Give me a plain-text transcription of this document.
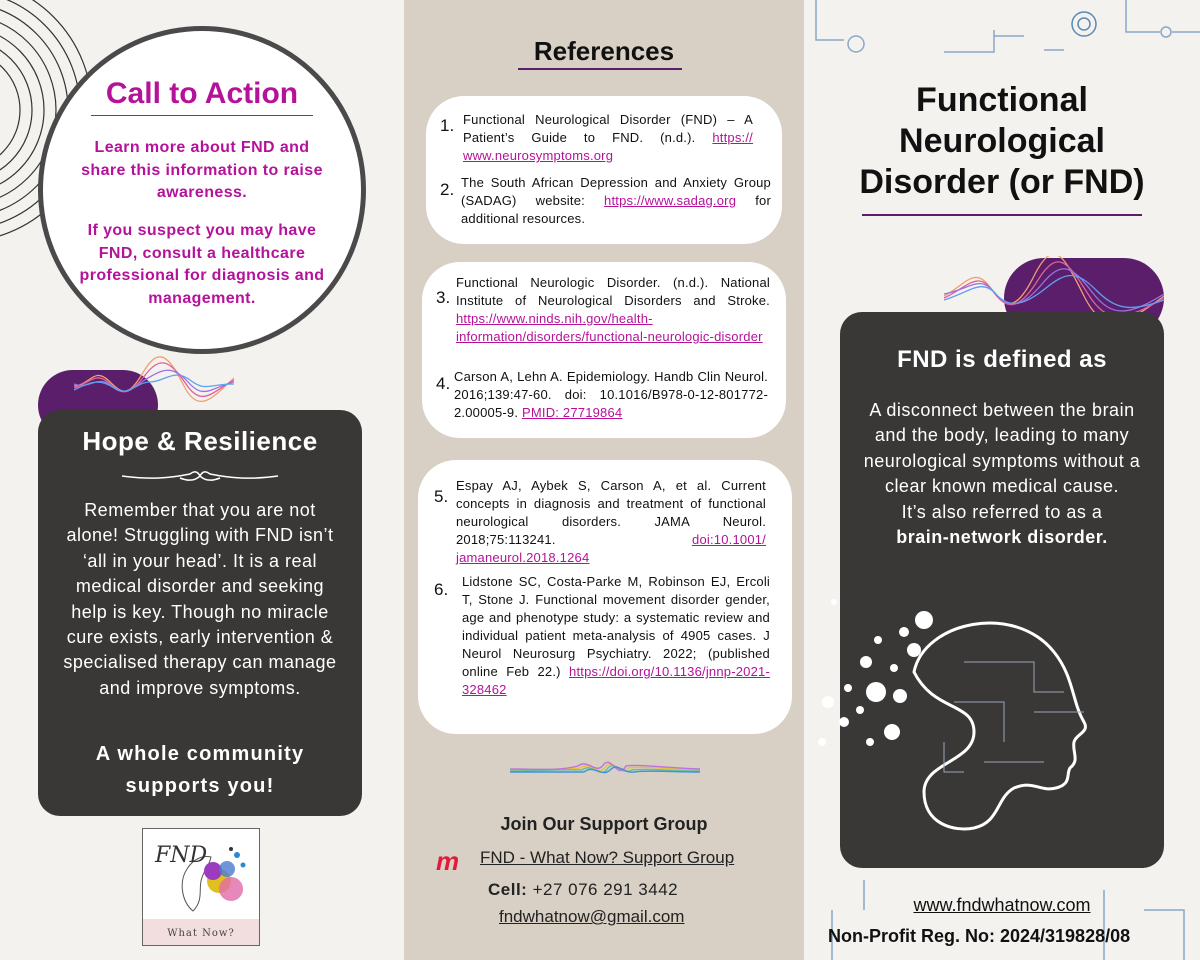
Call to Action
Learn more about FND and share this information to raise awareness.
If you suspect you may have FND, consult a healthcare professional for diagnosis and management.
Hope & Resilience
Remember that you are not alone! Struggling with FND isn’t ‘all in your head’. It is a real medical disorder and seeking help is key. Though no miracle cure exists, early intervention & specialised therapy can manage and improve symptoms.
A whole community supports you!
FND
What Now?
References
1. Functional Neurological Disorder (FND) – A Patient’s Guide to FND. (n.d.). https:// www.neurosymptoms.org
2. The South African Depression and Anxiety Group (SADAG) website: https://www.sadag.org for additional resources.
3.
Functional Neurologic Disorder. (n.d.). National Institute of Neurological Disorders and Stroke. https://www.ninds.nih.gov/health-information/disorders/functional-neurologic-disorder
4. Carson A, Lehn A. Epidemiology. Handb Clin Neurol. 2016;139:47-60. doi: 10.1016/B978-0-12-801772-2.00005-9. PMID: 27719864
5.
Espay AJ, Aybek S, Carson A, et al. Current concepts in diagnosis and treatment of functional neurological disorders. JAMA Neurol. 2018;75:113241. doi:10.1001/ jamaneurol.2018.1264
6. Lidstone SC, Costa-Parke M, Robinson EJ, Ercoli T, Stone J. Functional movement disorder gender, age and phenotype study: a systematic review and individual patient meta-analysis of 4905 cases. J Neurol Neurosurg Psychiatry. 2022; (published online Feb 22.) https://doi.org/10.1136/jnnp-2021-328462
Join Our Support Group
m FND - What Now? Support Group
Cell: +27 076 291 3442
fndwhatnow@gmail.com
Functional
Neurological
Disorder (or FND)
FND is defined as
A disconnect between the brain and the body, leading to many neurological symptoms without a clear known medical cause.
It’s also referred to as a
brain-network disorder.
www.fndwhatnow.com
Non-Profit Reg. No: 2024/319828/08
